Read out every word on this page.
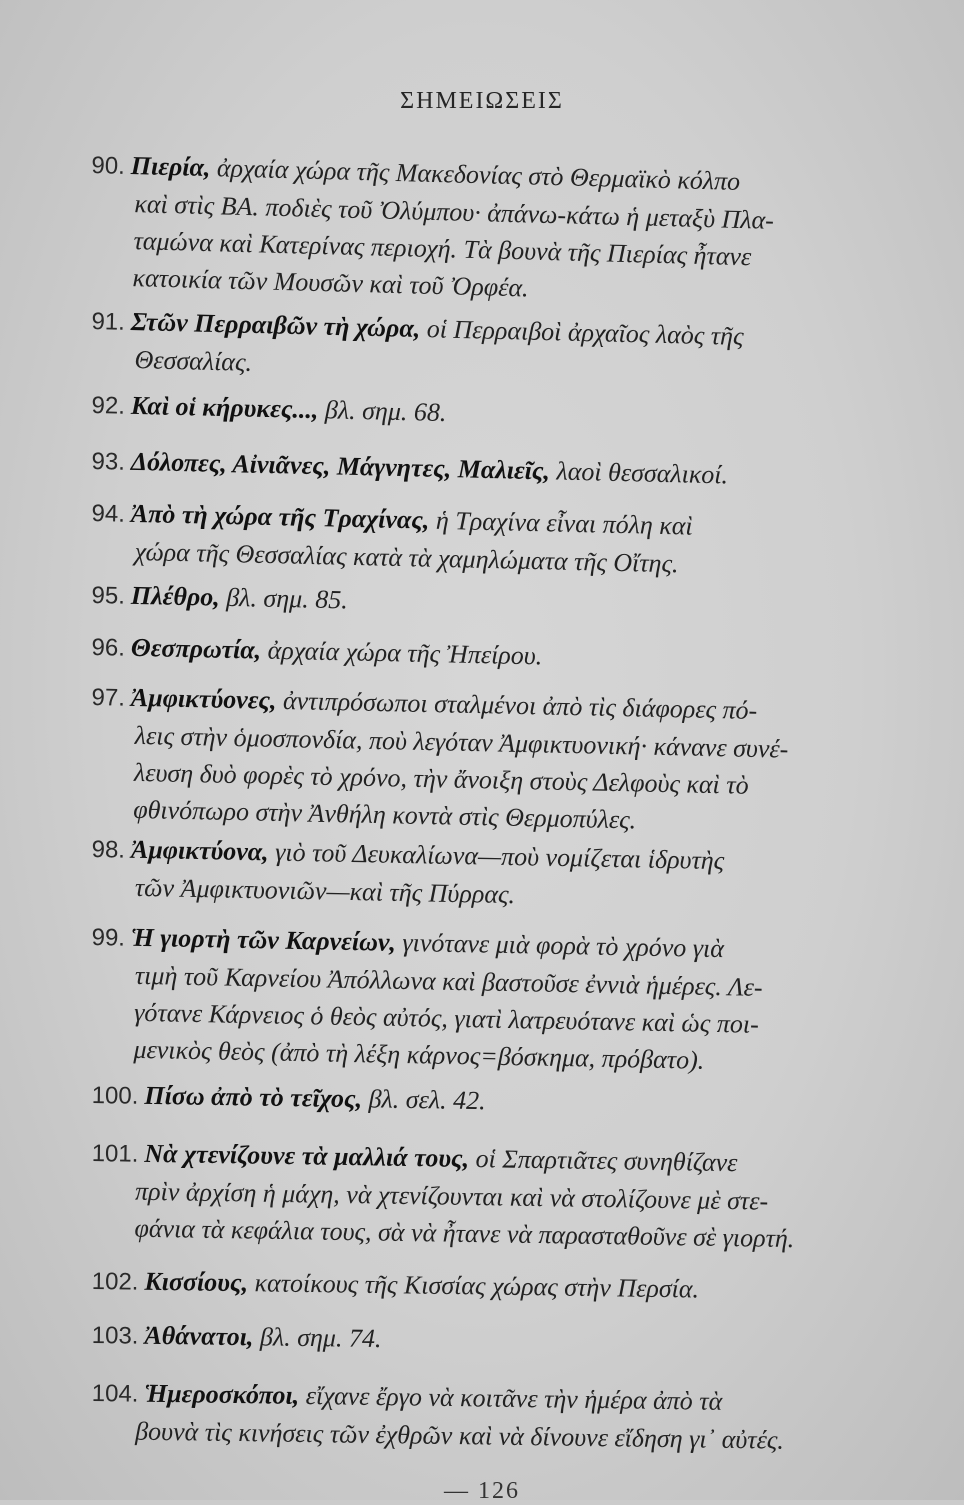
ΣΗΜΕΙΩΣΕΙΣ
90. Πιερία, ἀρχαία χώρα τῆς Μακεδονίας στὸ Θερμαϊκὸ κόλπο
καὶ στὶς ΒΑ. ποδιὲς τοῦ Ὀλύμπου· ἀπάνω-κάτω ἡ μεταξὺ Πλα-
ταμώνα καὶ Κατερίνας περιοχή. Τὰ βουνὰ τῆς Πιερίας ἦτανε
κατοικία τῶν Μουσῶν καὶ τοῦ Ὀρφέα.
91. Στῶν Περραιβῶν τὴ χώρα, οἱ Περραιβοὶ ἀρχαῖος λαὸς τῆς
Θεσσαλίας.
92. Καὶ οἱ κήρυκες..., βλ. σημ. 68.
93. Δόλοπες, Αἰνιᾶνες, Μάγνητες, Μαλιεῖς, λαοὶ θεσσαλικοί.
94. Ἀπὸ τὴ χώρα τῆς Τραχίνας, ἡ Τραχίνα εἶναι πόλη καὶ
χώρα τῆς Θεσσαλίας κατὰ τὰ χαμηλώματα τῆς Οἴτης.
95. Πλέθρο, βλ. σημ. 85.
96. Θεσπρωτία, ἀρχαία χώρα τῆς Ἠπείρου.
97. Ἀμφικτύονες, ἀντιπρόσωποι σταλμένοι ἀπὸ τὶς διάφορες πό-
λεις στὴν ὁμοσπονδία, ποὺ λεγόταν Ἀμφικτυονική· κάνανε συνέ-
λευση δυὸ φορὲς τὸ χρόνο, τὴν ἄνοιξη στοὺς Δελφοὺς καὶ τὸ
φθινόπωρο στὴν Ἀνθήλη κοντὰ στὶς Θερμοπύλες.
98. Ἀμφικτύονα, γιὸ τοῦ Δευκαλίωνα—ποὺ νομίζεται ἱδρυτὴς
τῶν Ἀμφικτυονιῶν—καὶ τῆς Πύρρας.
99. Ἡ γιορτὴ τῶν Καρνείων, γινότανε μιὰ φορὰ τὸ χρόνο γιὰ
τιμὴ τοῦ Καρνείου Ἀπόλλωνα καὶ βαστοῦσε ἐννιὰ ἡμέρες. Λε-
γότανε Κάρνειος ὁ θεὸς αὐτός, γιατὶ λατρευότανε καὶ ὡς ποι-
μενικὸς θεὸς (ἀπὸ τὴ λέξη κάρνος=βόσκημα, πρόβατο).
100. Πίσω ἀπὸ τὸ τεῖχος, βλ. σελ. 42.
101. Νὰ χτενίζουνε τὰ μαλλιά τους, οἱ Σπαρτιᾶτες συνηθίζανε
πρὶν ἀρχίση ἡ μάχη, νὰ χτενίζουνται καὶ νὰ στολίζουνε μὲ στε-
φάνια τὰ κεφάλια τους, σὰ νὰ ἦτανε νὰ παρασταθοῦνε σὲ γιορτή.
102. Κισσίους, κατοίκους τῆς Κισσίας χώρας στὴν Περσία.
103. Ἀθάνατοι, βλ. σημ. 74.
104. Ἡμεροσκόποι, εἴχανε ἔργο νὰ κοιτᾶνε τὴν ἡμέρα ἀπὸ τὰ
βουνὰ τὶς κινήσεις τῶν ἐχθρῶν καὶ νὰ δίνουνε εἴδηση γι᾿ αὐτές.
— 126
